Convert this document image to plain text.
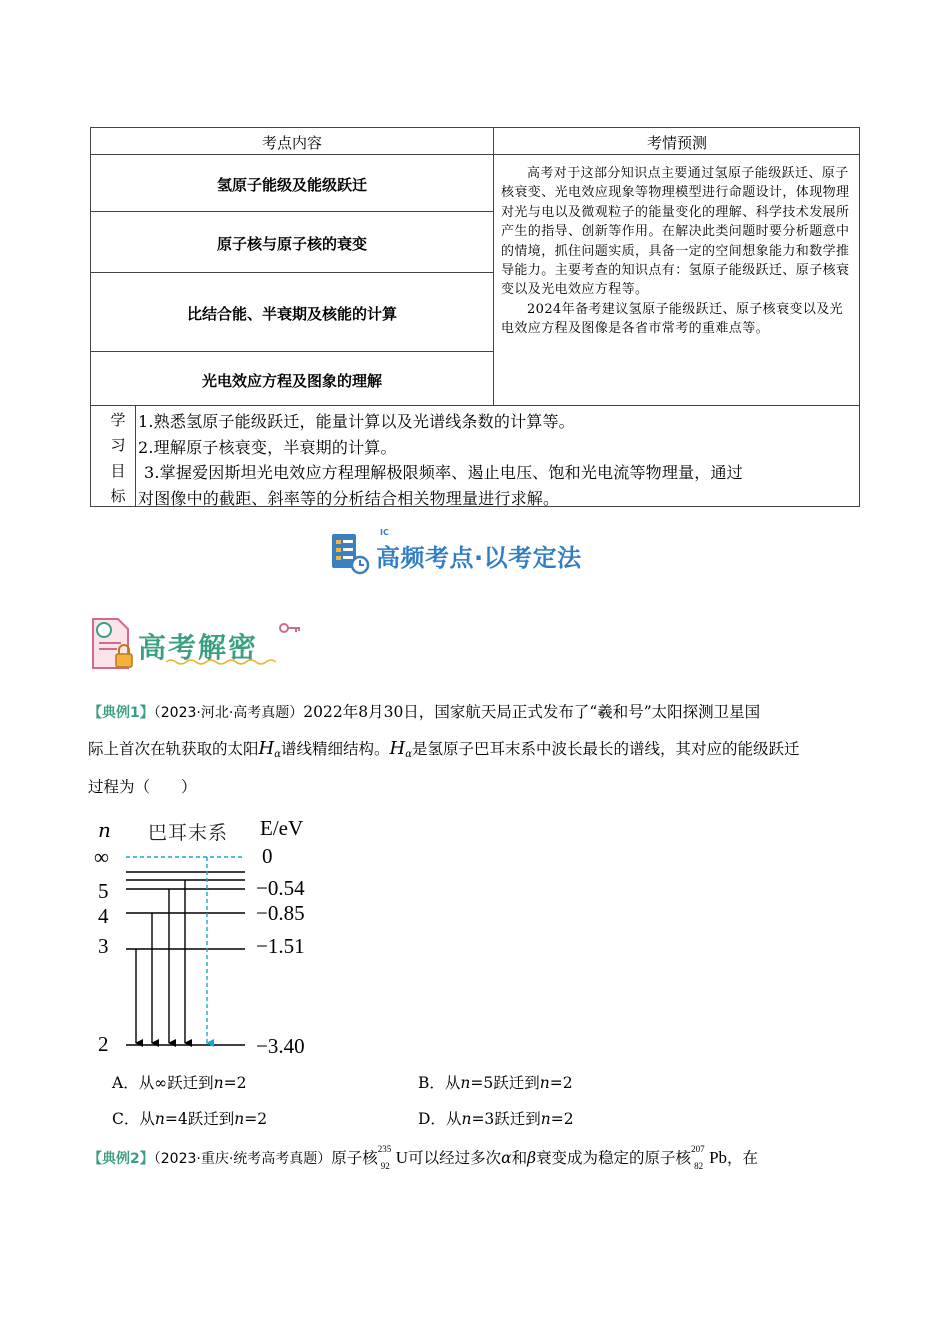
考点内容	考情预测
氢原子能级及能级跃迁
原子核与原子核的衰变
比结合能、半衰期及核能的计算
光电效应方程及图象的理解

高考对于这部分知识点主要通过氢原子能级跃迁、原子核衰变、光电效应现象等物理模型进行命题设计，体现物理对光与电以及微观粒子的能量变化的理解、科学技术发展所产生的指导、创新等作用。在解决此类问题时要分析题意中的情境，抓住问题实质，具备一定的空间想象能力和数学推导能力。主要考查的知识点有：氢原子能级跃迁、原子核衰变以及光电效应方程等。

2024年备考建议氢原子能级跃迁、原子核衰变以及光电效应方程及图像是各省市常考的重难点等。

学
习
目
标
1.熟悉氢原子能级跃迁，能量计算以及光谱线条数的计算等。
2.理解原子核衰变，半衰期的计算。
3.掌握爱因斯坦光电效应方程理解极限频率、遏止电压、饱和光电流等物理量，通过
对图像中的截距、斜率等的分析结合相关物理量进行求解。
IC
高频考点·以考定法
高考解密
【典例1】（2023·河北·高考真题）2022年8月30日，国家航天局正式发布了“羲和号”太阳探测卫星国
际上首次在轨获取的太阳$H_\alpha$谱线精细结构。$H_\alpha$是氢原子巴耳末系中波长最长的谱线，其对应的能级跃迁
过程为（　　）
n 巴耳末系 E/eV
∞
5
4
3
2
0
−0.54
−0.85
−1.51
−3.40
A．从∞跃迁到n=2	B．从n=5跃迁到n=2
C．从n=4跃迁到n=2	D．从n=3跃迁到n=2
【典例2】（2023·重庆·统考高考真题）原子核 235
92 U可以经过多次α和β衰变成为稳定的原子核 207
82 Pb，在
